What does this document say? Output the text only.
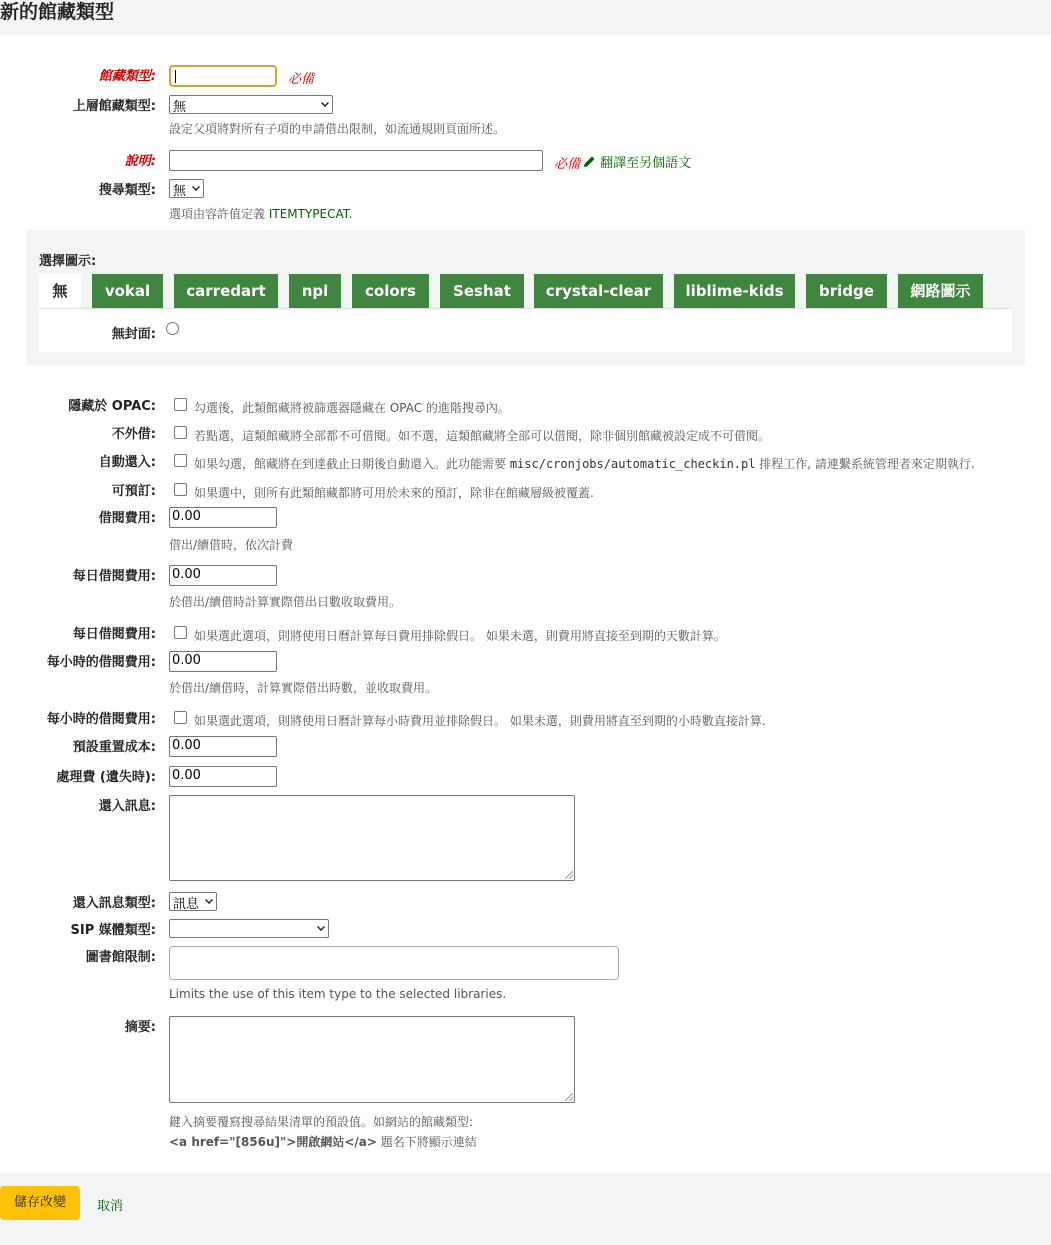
新的館藏類型
館藏類型:	必備
上層館藏類型:	無
設定父項將對所有子項的申請借出限制，如流通規則頁面所述。
說明:	必備	翻譯至另個語文
搜尋類型:	無
選項由容許值定義 ITEMTYPECAT.
選擇圖示:
無	vokal	carredart	npl	colors	Seshat	crystal-clear	liblime-kids	bridge	網路圖示
無封面:
隱藏於 OPAC:	勾選後，此類館藏將被篩選器隱藏在 OPAC 的進階搜尋內。
不外借:	若點選，這類館藏將全部都不可借閱。如不選，這類館藏將全部可以借閱，除非個別館藏被設定成不可借閱。
自動還入:	如果勾選，館藏將在到達截止日期後自動還入。此功能需要 misc/cronjobs/automatic_checkin.pl 排程工作, 請連繫系統管理者來定期執行.
可預訂:	如果選中，則所有此類館藏都將可用於未來的預訂，除非在館藏層級被覆蓋.
借閱費用: 0.00
借出/續借時，依次計費
每日借閱費用: 0.00
於借出/續借時計算實際借出日數收取費用。
每日借閱費用:	如果選此選項，則將使用日曆計算每日費用排除假日。 如果未選，則費用將直接至到期的天數計算。
每小時的借閱費用: 0.00
於借出/續借時，計算實際借出時數，並收取費用。
每小時的借閱費用:	如果選此選項，則將使用日曆計算每小時費用並排除假日。 如果未選，則費用將直至到期的小時數直接計算.
預設重置成本: 0.00
處理費 (遺失時): 0.00
還入訊息:
還入訊息類型:	訊息
SIP 媒體類型:
圖書館限制:
Limits the use of this item type to the selected libraries.
摘要:
鍵入摘要覆寫搜尋結果清單的預設值。如網站的館藏類型:
<a href="[856u]">開啟網站</a> 題名下將顯示連結
儲存改變	取消
